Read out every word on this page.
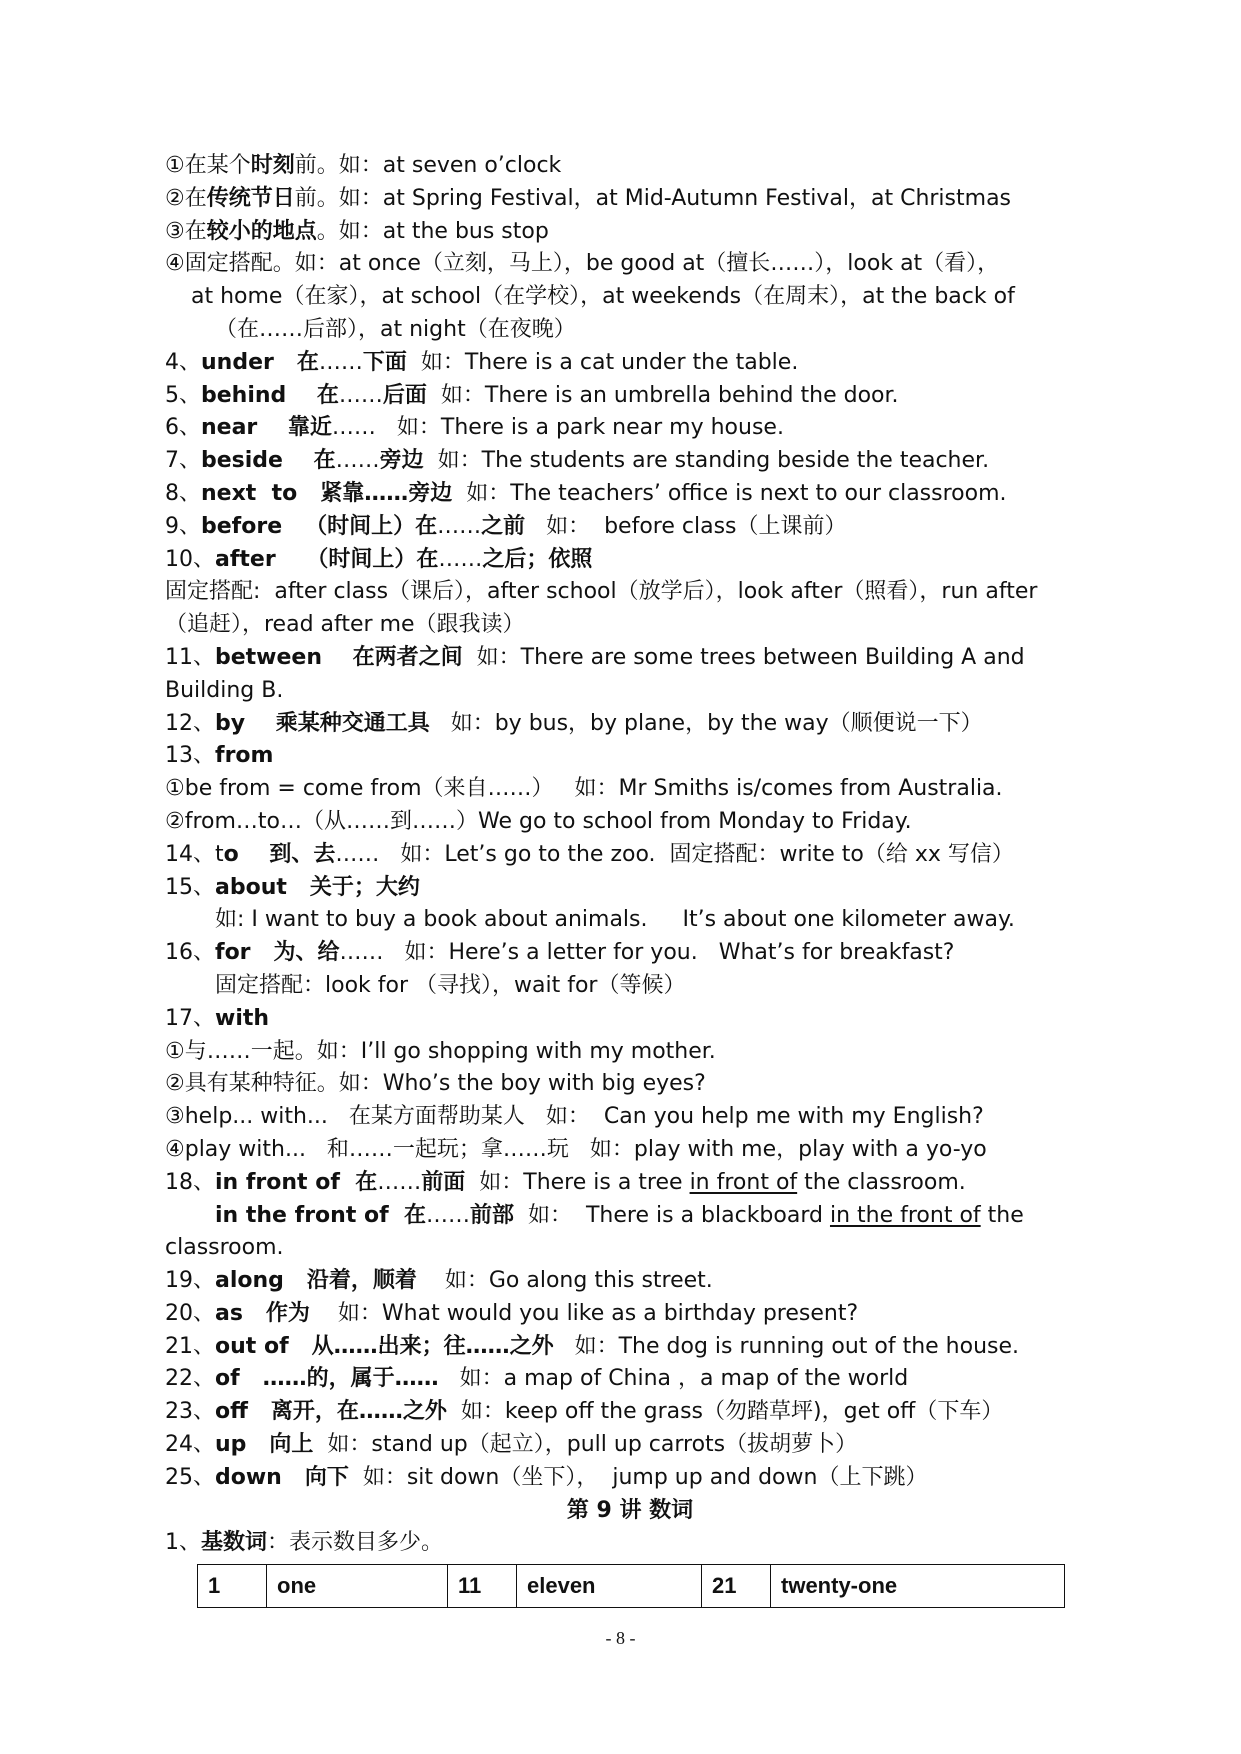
①在某个时刻前。如：at seven o’clock
②在传统节日前。如：at Spring Festival，at Mid-Autumn Festival，at Christmas
③在较小的地点。如：at the bus stop
④固定搭配。如：at once（立刻，马上），be good at（擅长……），look at（看），
at home（在家），at school（在学校），at weekends（在周末），at the back of
（在……后部），at night（在夜晚）
4、under   在……下面  如：There is a cat under the table.
5、behind    在……后面  如：There is an umbrella behind the door.
6、near    靠近……   如：There is a park near my house.
7、beside    在……旁边  如：The students are standing beside the teacher.
8、next  to   紧靠……旁边  如：The teachers’ office is next to our classroom.
9、before   （时间上）在……之前   如：  before class（上课前）
10、after    （时间上）在……之后；依照
固定搭配:  after class（课后），after school（放学后），look after（照看），run after
（追赶），read after me（跟我读）
11、between    在两者之间  如：There are some trees between Building A and
Building B.
12、by    乘某种交通工具   如：by bus，by plane，by the way（顺便说一下）
13、from
①be from = come from（来自……）   如：Mr Smiths is/comes from Australia.
②from…to…（从……到……）We go to school from Monday to Friday.
14、to    到、去……   如：Let’s go to the zoo.  固定搭配：write to（给 xx 写信）
15、about   关于；大约
如: I want to buy a book about animals.     It’s about one kilometer away.
16、for   为、给……   如：Here’s a letter for you.   What’s for breakfast?
固定搭配：look for （寻找），wait for（等候）
17、with
①与……一起。如：I’ll go shopping with my mother.
②具有某种特征。如：Who’s the boy with big eyes?
③help... with...   在某方面帮助某人   如：  Can you help me with my English?
④play with...   和……一起玩；拿……玩   如：play with me，play with a yo-yo
18、in front of  在……前面  如：There is a tree in front of the classroom.
in the front of  在……前部  如：  There is a blackboard in the front of the
classroom.
19、along   沿着，顺着    如：Go along this street.
20、as   作为    如：What would you like as a birthday present?
21、out of   从……出来；往……之外   如：The dog is running out of the house.
22、of   ……的，属于……   如：a map of China ，a map of the world
23、off   离开，在……之外  如：keep off the grass（勿踏草坪)，get off（下车）
24、up   向上  如：stand up（起立），pull up carrots（拔胡萝卜）
25、down   向下  如：sit down（坐下），  jump up and down（上下跳）
第 9 讲 数词
1、基数词：表示数目多少。
1	one	11	eleven	21	twenty-one
- 8 -
